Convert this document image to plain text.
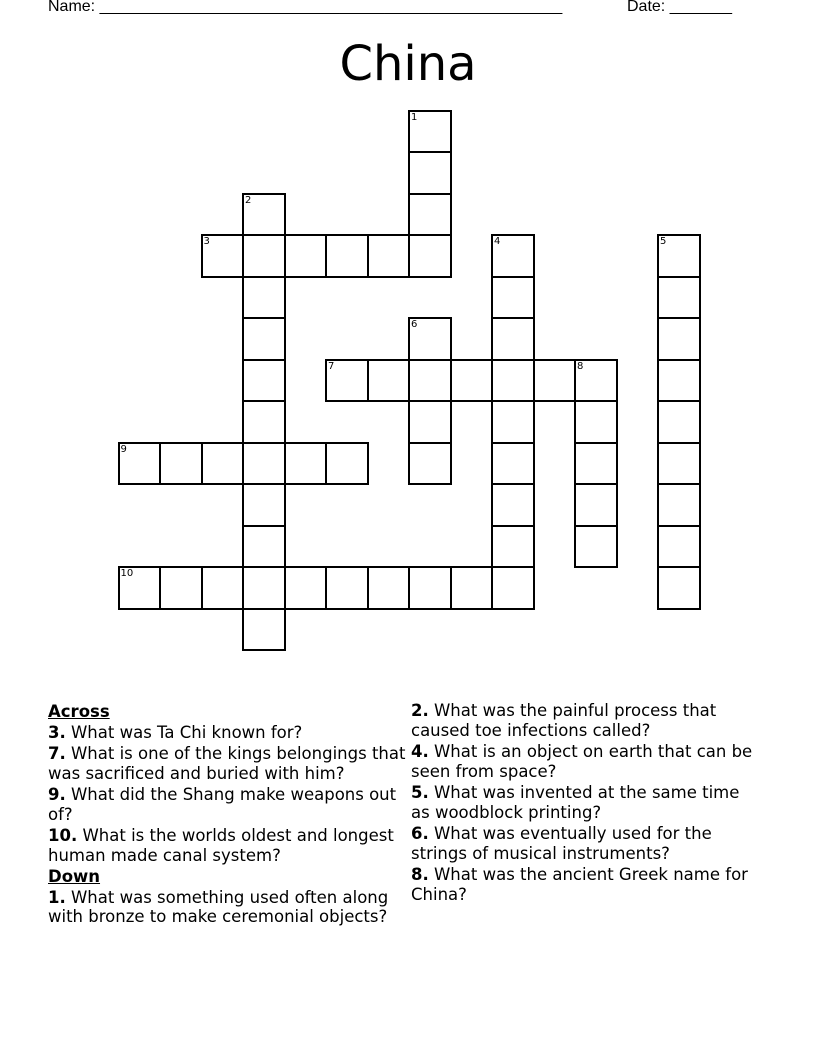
Name: ____________________________________________________	Date: _______
China
1
2
3	4	5
6
7	8
9
10
Across
3. What was Ta Chi known for?
7. What is one of the kings belongings that was sacrificed and buried with him?
9. What did the Shang make weapons out of?
10. What is the worlds oldest and longest human made canal system?
Down
1. What was something used often along with bronze to make ceremonial objects?
2. What was the painful process that caused toe infections called?
4. What is an object on earth that can be seen from space?
5. What was invented at the same time as woodblock printing?
6. What was eventually used for the strings of musical instruments?
8. What was the ancient Greek name for China?
